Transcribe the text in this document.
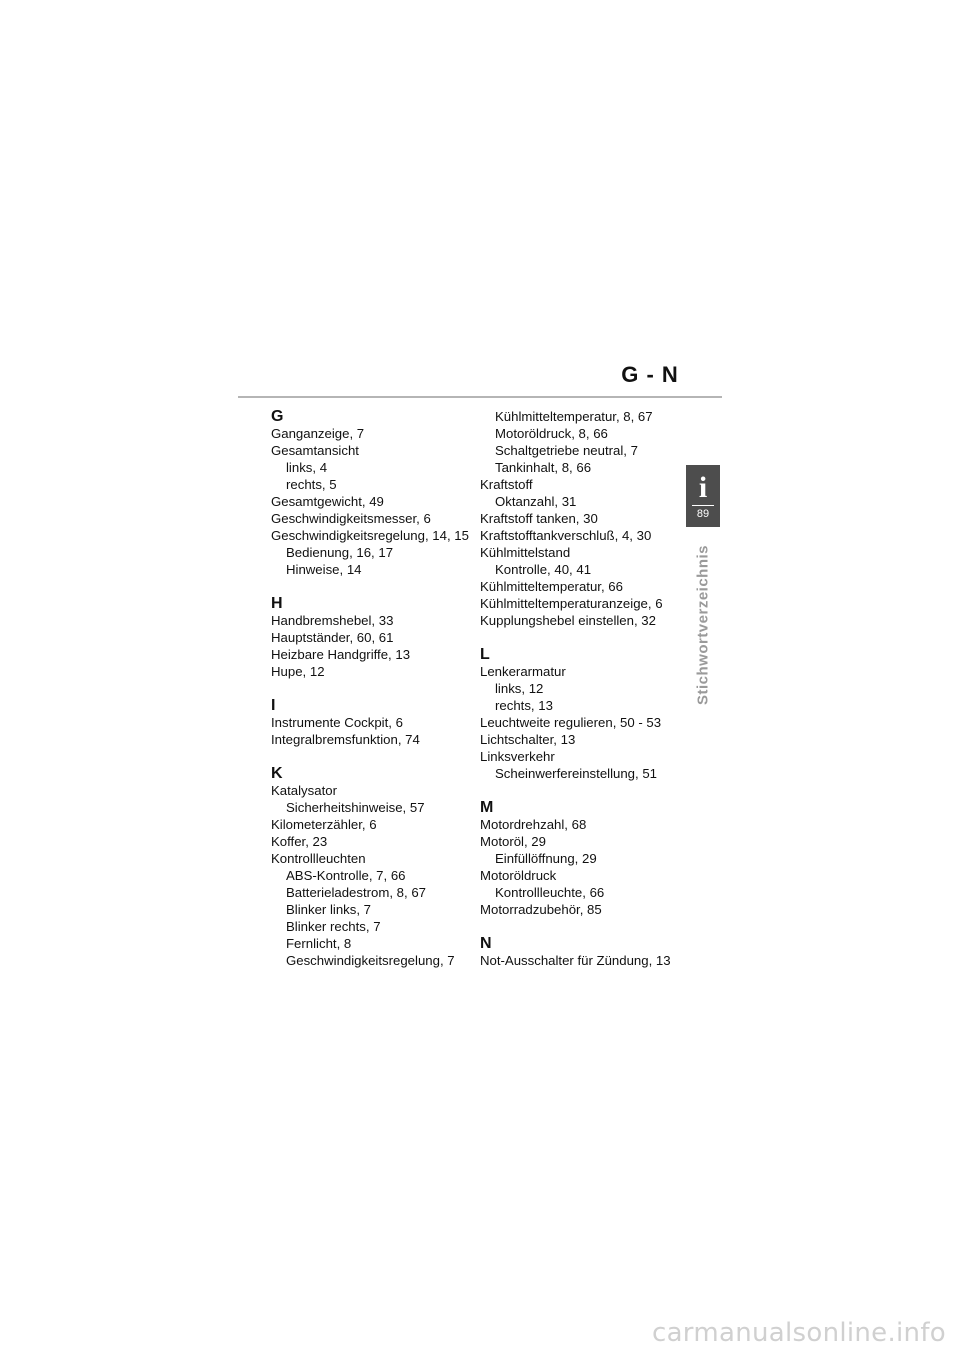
G - N
G
Ganganzeige, 7
Gesamtansicht
links, 4
rechts, 5
Gesamtgewicht, 49
Geschwindigkeitsmesser, 6
Geschwindigkeitsregelung, 14, 15
Bedienung, 16, 17
Hinweise, 14
H
Handbremshebel, 33
Hauptständer, 60, 61
Heizbare Handgriffe, 13
Hupe, 12
I
Instrumente Cockpit, 6
Integralbremsfunktion, 74
K
Katalysator
Sicherheitshinweise, 57
Kilometerzähler, 6
Koffer, 23
Kontrollleuchten
ABS-Kontrolle, 7, 66
Batterieladestrom, 8, 67
Blinker links, 7
Blinker rechts, 7
Fernlicht, 8
Geschwindigkeitsregelung, 7
Kühlmitteltemperatur, 8, 67
Motoröldruck, 8, 66
Schaltgetriebe neutral, 7
Tankinhalt, 8, 66
Kraftstoff
Oktanzahl, 31
Kraftstoff tanken, 30
Kraftstofftankverschluß, 4, 30
Kühlmittelstand
Kontrolle, 40, 41
Kühlmitteltemperatur, 66
Kühlmitteltemperaturanzeige, 6
Kupplungshebel einstellen, 32
L
Lenkerarmatur
links, 12
rechts, 13
Leuchtweite regulieren, 50 - 53
Lichtschalter, 13
Linksverkehr
Scheinwerfereinstellung, 51
M
Motordrehzahl, 68
Motoröl, 29
Einfüllöffnung, 29
Motoröldruck
Kontrollleuchte, 66
Motorradzubehör, 85
N
Not-Ausschalter für Zündung, 13
i
89
Stichwortverzeichnis
carmanualsonline.info
